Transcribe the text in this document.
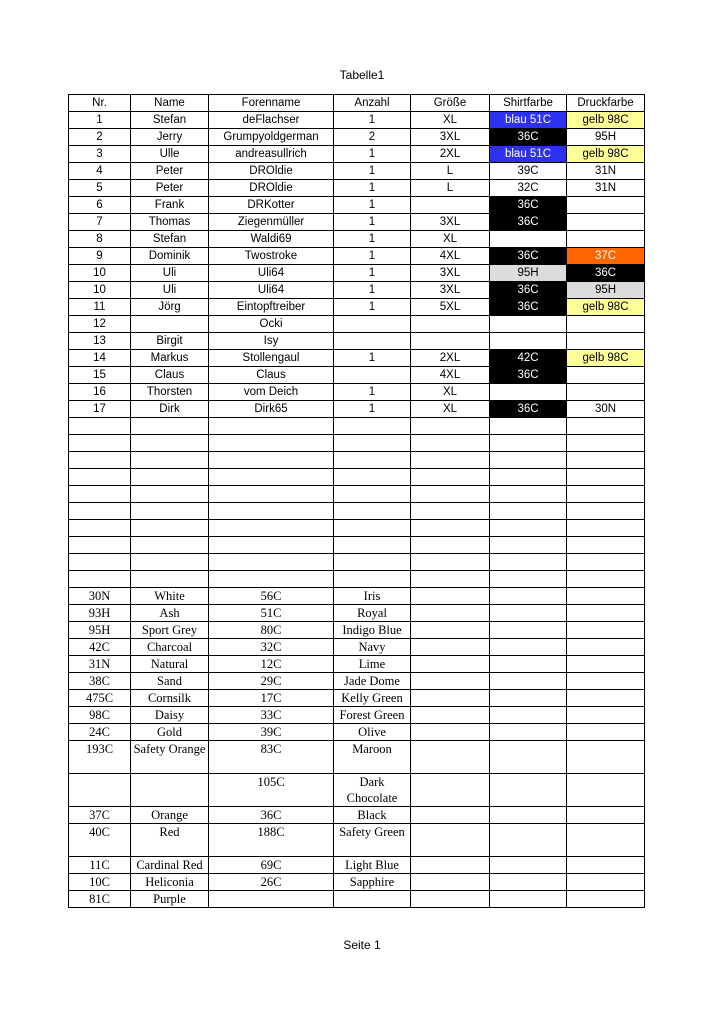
Tabelle1
Nr.	Name	Forenname	Anzahl	Größe	Shirtfarbe	Druckfarbe
1	Stefan	deFlachser	1	XL	blau 51C	gelb 98C
2	Jerry	Grumpyoldgerman	2	3XL	36C	95H
3	Ulle	andreasullrich	1	2XL	blau 51C	gelb 98C
4	Peter	DROldie	1	L	39C	31N
5	Peter	DROldie	1	L	32C	31N
6	Frank	DRKotter	1		36C	
7	Thomas	Ziegenmüller	1	3XL	36C	
8	Stefan	Waldi69	1	XL		
9	Dominik	Twostroke	1	4XL	36C	37C
10	Uli	Uli64	1	3XL	95H	36C
10	Uli	Uli64	1	3XL	36C	95H
11	Jörg	Eintopftreiber	1	5XL	36C	gelb 98C
12		Ocki				
13	Birgit	Isy				
14	Markus	Stollengaul	1	2XL	42C	gelb 98C
15	Claus	Claus		4XL	36C	
16	Thorsten	vom Deich	1	XL		
17	Dirk	Dirk65	1	XL	36C	30N

30N	White	56C	Iris			
93H	Ash	51C	Royal			
95H	Sport Grey	80C	Indigo Blue			
42C	Charcoal	32C	Navy			
31N	Natural	12C	Lime			
38C	Sand	29C	Jade Dome			
475C	Cornsilk	17C	Kelly Green			
98C	Daisy	33C	Forest Green			
24C	Gold	39C	Olive			
193C	Safety Orange	83C	Maroon			
		105C	Dark Chocolate			
37C	Orange	36C	Black			
40C	Red	188C	Safety Green			
11C	Cardinal Red	69C	Light Blue			
10C	Heliconia	26C	Sapphire			
81C	Purple					
Seite 1
